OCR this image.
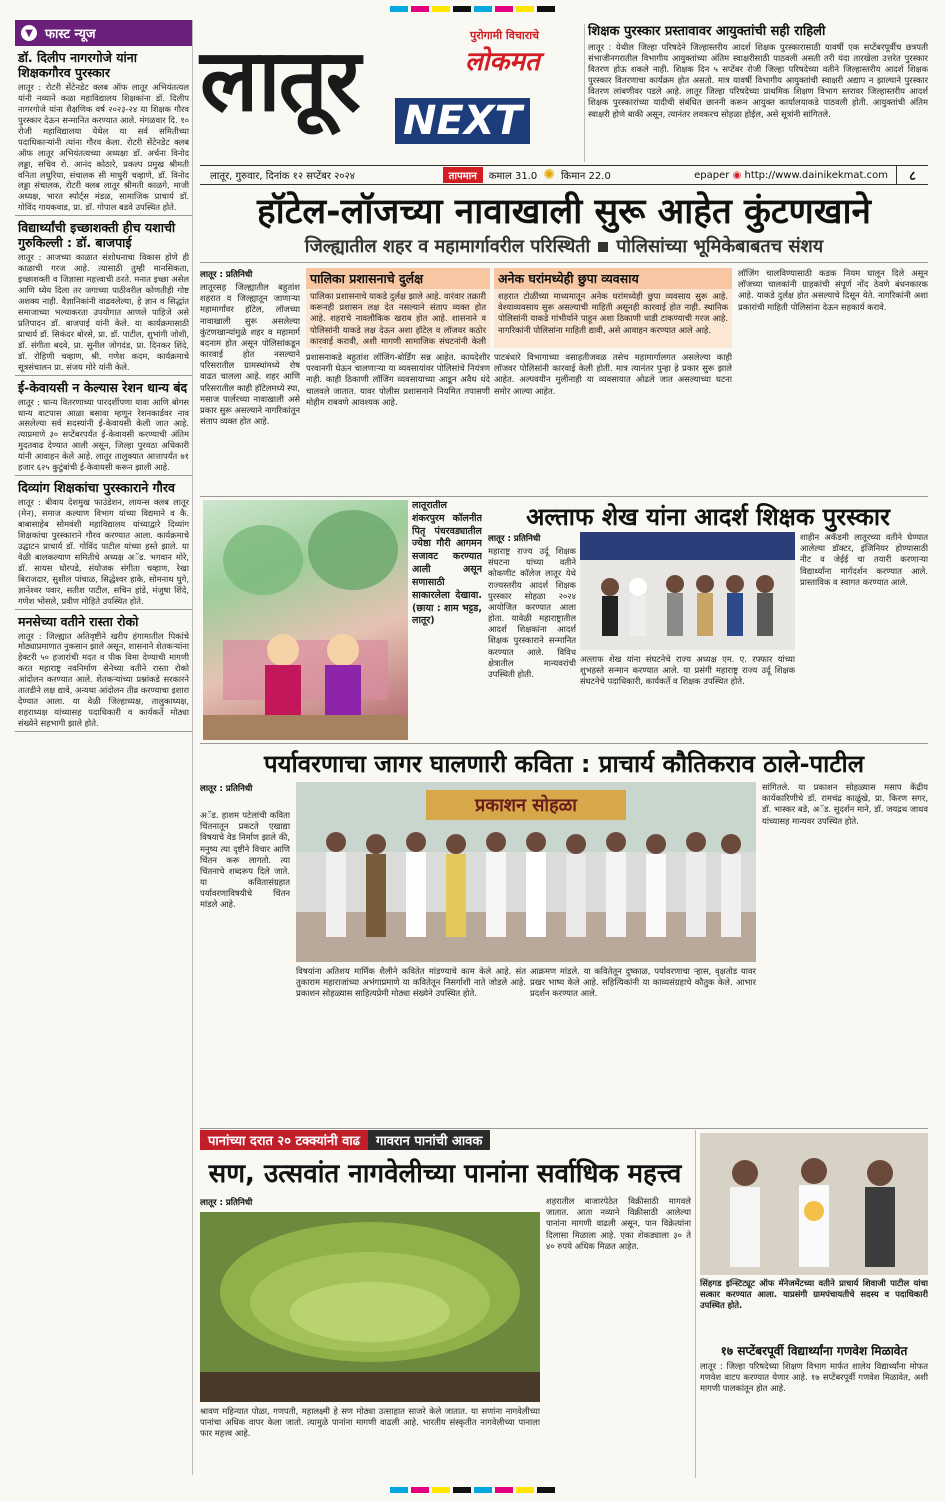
▼ फास्ट न्यूज
डॉ. दिलीप नागरगोजे यांना शिक्षकगौरव पुरस्कार

लातूर : रोटरी सेंटेनडेट क्लब ऑफ लातूर अभियंतत्यल यांनी नव्याने कळा महाविद्यालय शिक्षकांना डॉ. दिलीप नागरगोजे यांना शैक्षणिक वर्ष २०२३-२४ या शिक्षक गौरव पुरस्कार देऊन सन्मानित करण्यात आले. मंगळवार दि. १० रोजी महाविद्यालया येथेल या सर्व समितीच्या पदाधिकाऱ्यांनी त्यांना गौरव केला. रोटरी सेंटेनडेट क्लब ऑफ लातूर अभियंतत्यच्या अध्यक्षा डॉ. अर्चना विनोद लड्डा, सचिव रो. आनंद कोठारे, प्रकल्प प्रमुख श्रीमती वनिता लधुरिया, संचालक सी माधुरी चव्हाणे, डॉ. विनोद लड्डा संचालक, रोटरी क्लब लातूर श्रीमती काळगे, माजी अध्यक्ष, भारत स्पोर्ट्स मंडळ, सामाजिक प्राचार्य डॉ. गोविंद गायकवाड, प्रा. डॉ. गोपाल बडवे उपस्थित होते.

विद्यार्थ्यांची इच्छाशक्ती हीच यशाची गुरुकिल्ली : डॉ. बाजपाई

लातूर : आजच्या काळात संशोधनाचा विकास होणे ही काळाची गरज आहे. त्यासाठी तुम्ही मानसिकता, इच्छाशक्ती व जिज्ञासा महत्त्वाची ठरते. मनात इच्छा असेल आणि ध्येय दिला तर जगाच्या पाठीवरील कोणतीही गोष्ट अशक्य नाही. वैज्ञानिकांनी वाढवलेल्या, हे ज्ञान व सिद्धांत समाजाच्या भल्याकरता उपयोगात आणले पाहिजे असे प्रतिपादन डॉ. बाजपाई यांनी केले. या कार्यक्रमासाठी प्राचार्य डॉ. सिकंदर बोरसे, प्रा. डॉ. पाटील, शुभांगी जोशी, डॉ. संगीता बदवे, प्रा. सुनील जोगदंड, प्रा. दिनकर शिंदे, डॉ. रोहिणी चव्हाण, श्री. गणेश कदम, कार्यक्रमाचे सूत्रसंचालन प्रा. संजय मोरे यांनी केले.

ई-केवायसी न केल्यास रेशन धान्य बंद

लातूर : धान्य वितरणाच्या पारदर्शीपणा यावा आणि बोगस धान्य वाटपास आळा बसावा म्हणून रेशनकार्डवर नाव असलेल्या सर्व सदस्यांनी ई-केवायसी केली जात आहे. त्याप्रमाणे ३० सप्टेंबरपर्यंत ई-केवायसी करण्याची अंतिम मुदतवाढ देण्यात आली असून, जिल्हा पुरवठा अधिकारी यांनी आवाहन केले आहे. लातूर तालुक्यात आत्तापर्यंत ७१ हजार ६२५ कुटुंबांची ई-केवायसी करून झाली आहे.

दिव्यांग शिक्षकांचा पुरस्काराने गौरव

लातूर : बीवाय देशमुख फाउंडेशन, लायन्स क्लब लातूर (मेन), समाज कल्याण विभाग यांच्या विद्यमाने व कै. बाबासाहेब सोमवंशी महाविद्यालय यांच्याद्वारे दिव्यांग शिक्षकांचा पुरस्काराने गौरव करण्यात आला. कार्यक्रमाचे उद्घाटन प्राचार्य डॉ. गोविंद पाटील यांच्या हस्ते झाले. या वेळी बालकल्याण समितीचे अध्यक्ष अॅड. भगवान मोरे, डॉ. सायस घोरपडे, संयोजक संगीता चव्हाण, रेखा बिराजदार, सुशील पांचाळ, सिद्धेश्वर हाके, सोमनाथ घुगे, ज्ञानेश्वर पवार, सतीश पाटील, सचिन हांडे, मंजुषा शिंदे, गणेश भोसले, प्रवीण मोहिते उपस्थित होते.

मनसेच्या वतीने रास्ता रोको

लातूर : जिल्ह्यात अतिवृष्टीने खरीप हंगामातील पिकांचे मोठ्याप्रमाणात नुकसान झाले असून, शासनाने शेतकऱ्यांना हेक्टरी ५० हजारांची मदत व पीक विमा देण्याची मागणी करत महाराष्ट्र नवनिर्माण सेनेच्या वतीने रास्ता रोको आंदोलन करण्यात आले. शेतकऱ्यांच्या प्रश्नांकडे सरकारने तातडीने लक्ष द्यावे, अन्यथा आंदोलन तीव्र करण्याचा इशारा देण्यात आला. या वेळी जिल्हाध्यक्ष, तालुकाध्यक्ष, शहराध्यक्ष यांच्यासह पदाधिकारी व कार्यकर्ते मोठ्या संख्येने सहभागी झाले होते.

पुरोगामी विचाराचे
लोकमत
लातूर NEXT
शिक्षक पुरस्कार प्रस्तावावर आयुक्तांची सही राहिली

लातूर : येथील जिल्हा परिषदेने जिल्हास्तरीय आदर्श शिक्षक पुरस्कारासाठी यावर्षी एक सप्टेंबरपूर्वीच छत्रपती संभाजीनगरातील विभागीय आयुक्तांच्या अंतिम स्वाक्षरीसाठी पाठवली असती तरी यंदा तारखेला उत्तरेत पुरस्कार वितरण होऊ शकले नाही. शिक्षक दिन ५ सप्टेंबर रोजी जिल्हा परिषदेच्या वतीने जिल्हास्तरीय आदर्श शिक्षक पुरस्कार वितरणाचा कार्यक्रम होत असतो. मात्र यावर्षी विभागीय आयुक्तांची स्वाक्षरी अद्याप न झाल्याने पुरस्कार वितरण लांबणीवर पडले आहे. लातूर जिल्हा परिषदेच्या प्राथमिक शिक्षण विभाग स्तरावर जिल्हास्तरीय आदर्श शिक्षक पुरस्कारांच्या यादीची संबंधित छाननी करून आयुक्त कार्यालयाकडे पाठवली होती. आयुक्तांची अंतिम स्वाक्षरी होणे बाकी असून, त्यानंतर लवकरच सोहळा होईल, असे सूत्रांनी सांगितले.

लातूर, गुरुवार, दिनांक १२ सप्टेंबर २०२४	तापमान	कमाल 31.0 ✺ किमान 22.0	epaper ◉ http://www.dainikekmat.com	८
हॉटेल-लॉजच्या नावाखाली सुरू आहेत कुंटणखाने
जिल्ह्यातील शहर व महामार्गावरील परिस्थिती पोलिसांच्या भूमिकेबाबतच संशय
लातूर : प्रतिनिधी

लातूरसह जिल्ह्यातील बहुतांश शहरात व जिल्ह्यातून जाणाऱ्या महामार्गांवर हॉटेल, लॉजच्या नावाखाली सुरू असलेल्या कुंटणखान्यांमुळे शहर व महामार्ग बदनाम होत असून पोलिसांकडून कारवाई होत नसल्याने परिसरातील ग्रामस्थांमध्ये रोष वाढत चालला आहे. शहर आणि परिसरातील काही हॉटेलमध्ये स्पा, मसाज पार्लरच्या नावाखाली असे प्रकार सुरू असल्याने नागरिकांतून संताप व्यक्त होत आहे.

पालिका प्रशासनाचे दुर्लक्ष

पालिका प्रशासनाचे याकडे दुर्लक्ष झाले आहे. वारंवार तक्रारी करूनही प्रशासन लक्ष देत नसल्याने संताप व्यक्त होत आहे. शहराचे नावलौकिक खराब होत आहे. शासनाने व पोलिसांनी याकडे लक्ष देऊन अशा हॉटेल व लॉजवर कठोर कारवाई करावी, अशी मागणी सामाजिक संघटनांनी केली

अनेक घरांमध्येही छुपा व्यवसाय

शहरात टोळींच्या माध्यमातून अनेक घरांमध्येही छुपा व्यवसाय सुरू आहे. वेश्याव्यवसाय सुरू असल्याची माहिती असूनही कारवाई होत नाही. स्थानिक पोलिसांनी याकडे गांभीर्याने पाहून अशा ठिकाणी धाडी टाकण्याची गरज आहे. नागरिकांनी पोलिसांना माहिती द्यावी, असे आवाहन करण्यात आले आहे.

प्रशासनाकडे बहुतांश लॉजिंग-बोर्डिंग सन्न आहेत. कायदेशीर परवानगी घेऊन चालणाऱ्या या व्यवसायांवर पोलिसांचे नियंत्रण नाही. काही ठिकाणी लॉजिंग व्यवसायाच्या आडून अवैध धंदे चालवले जातात. यावर पोलीस प्रशासनाने नियमित तपासणी मोहीम राबवणे आवश्यक आहे.

पाटबंधारे विभागाच्या वसाहतीजवळ तसेच महामार्गालगत असलेल्या काही लॉजवर पोलिसांनी कारवाई केली होती. मात्र त्यानंतर पुन्हा हे प्रकार सुरू झाले आहेत. अल्पवयीन मुलींनाही या व्यवसायात ओढले जात असल्याच्या घटना समोर आल्या आहेत.

लॉजिंग चालविण्यासाठी कडक नियम घालून दिले असून लॉजच्या चालकांनी ग्राहकांची संपूर्ण नोंद ठेवणे बंधनकारक आहे. याकडे दुर्लक्ष होत असल्याचे दिसून येते. नागरिकांनी अशा प्रकारांची माहिती पोलिसांना देऊन सहकार्य करावे.

लातूरातील शंकरपुरम कॉलनीत पितृ पंधरवड्यातील ज्येष्ठा गौरी आगमन सजावट करण्यात आली असून सणासाठी साकारलेला देखावा. (छाया : शाम भट्टड, लातूर)

अल्ताफ शेख यांना आदर्श शिक्षक पुरस्कार
लातूर : प्रतिनिधी

महाराष्ट्र राज्य उर्दू शिक्षक संघटना यांच्या वतीने कोकणीट कॉलेज लातूर येथे राज्यस्तरीय आदर्श शिक्षक पुरस्कार सोहळा २०२४ आयोजित करण्यात आला होता. यावेळी महाराष्ट्रातील आदर्श शिक्षकांना आदर्श शिक्षक पुरस्काराने सन्मानित करण्यात आले. विविध क्षेत्रातील मान्यवरांची उपस्थिती होती.

अल्ताफ शेख यांना संघटनेचे राज्य अध्यक्ष एम. ए. रफ्फार यांच्या शुभहस्ते सन्मान करण्यात आले. या प्रसंगी महाराष्ट्र राज्य उर्दू शिक्षक संघटनेचे पदाधिकारी, कार्यकर्ते व शिक्षक उपस्थित होते.

शाहीन अकॅडमी लातूरच्या वतीने घेण्यात आलेल्या डॉक्टर, इंजिनियर होण्यासाठी नीट व जेईई चा तयारी करणाऱ्या विद्यार्थ्यांना मार्गदर्शन करण्यात आले. प्रास्ताविक व स्वागत करण्यात आले.

पर्यावरणाचा जागर घालणारी कविता : प्राचार्य कौतिकराव ठाले-पाटील
लातूर : प्रतिनिधी
प्रकाशन सोहळा

अॅड. हाशम पटेलांची कविता चिंतनातून प्रकटते एखाद्या विषयाचे वेड निर्माण झाले की, मनुष्य त्या दृष्टीने विचार आणि चिंतन करू लागतो. त्या चिंतनाचे शब्दरूप दिले जाते. या कवितासंग्रहात पर्यावरणाविषयीचे चिंतन मांडले आहे.

विषयांना अतिशय मार्मिक शैलीने कवितेत मांडण्याचे काम केले आहे. संत तुकाराम महाराजांच्या अभंगाप्रमाणे या कवितेतून निसर्गाशी नाते जोडले आहे. प्रकाशन सोहळ्यास साहित्यप्रेमी मोठ्या संख्येने उपस्थित होते.

आक्रमण मांडले. या कवितेतून दुष्काळ, पर्यावरणाचा ऱ्हास, वृक्षतोड यावर प्रखर भाष्य केले आहे. सहित्यिकांनी या काव्यसंग्रहाचे कौतुक केले. आभार प्रदर्शन करण्यात आले.

सांगितले. या प्रकाशन सोहळ्यास मसाप केंद्रीय कार्यकारिणीचे डॉ. रामचंद्र काळुंखे, प्रा. किरण सगर, डॉ. भास्कर बडे, अॅड. सुदर्शन माने, डॉ. जयद्रथ जाधव यांच्यासह मान्यवर उपस्थित होते.

पानांच्या दरात २० टक्क्यांनी वाढ	गावरान पानांची आवक
सण, उत्सवांत नागवेलीच्या पानांना सर्वाधिक महत्त्व
लातूर : प्रतिनिधी

श्रावण महिन्यात पोळा, गणपती, महालक्ष्मी हे सण मोठ्या उत्साहात साजरे केले जातात. या सणांना नागवेलीच्या पानांचा अधिक वापर केला जातो. त्यामुळे पानांना मागणी वाढली आहे. भारतीय संस्कृतीत नागवेलीच्या पानाला फार महत्त्व आहे.

शहरातील बाजारपेठेत विक्रीसाठी मागवले जातात. आता नव्याने विक्रीसाठी आलेल्या पानांना मागणी वाढली असून, पान विक्रेत्यांना दिलासा मिळाला आहे. एका शेकड्याला ३० ते ४० रुपये अधिक मिळत आहेत.

सिंहगड इन्स्टिट्यूट ऑफ मॅनेजमेंटच्या वतीने प्राचार्य शिवाजी पाटील यांचा सत्कार करण्यात आला. याप्रसंगी ग्रामपंचायतीचे सदस्य व पदाधिकारी उपस्थित होते.

१७ सप्टेंबरपूर्वी विद्यार्थ्यांना गणवेश मिळावेत

लातूर : जिल्हा परिषदेच्या शिक्षण विभाग मार्फत शालेय विद्यार्थ्यांना मोफत गणवेश वाटप करण्यात येणार आहे. १७ सप्टेंबरपूर्वी गणवेश मिळावेत, अशी मागणी पालकांतून होत आहे.
